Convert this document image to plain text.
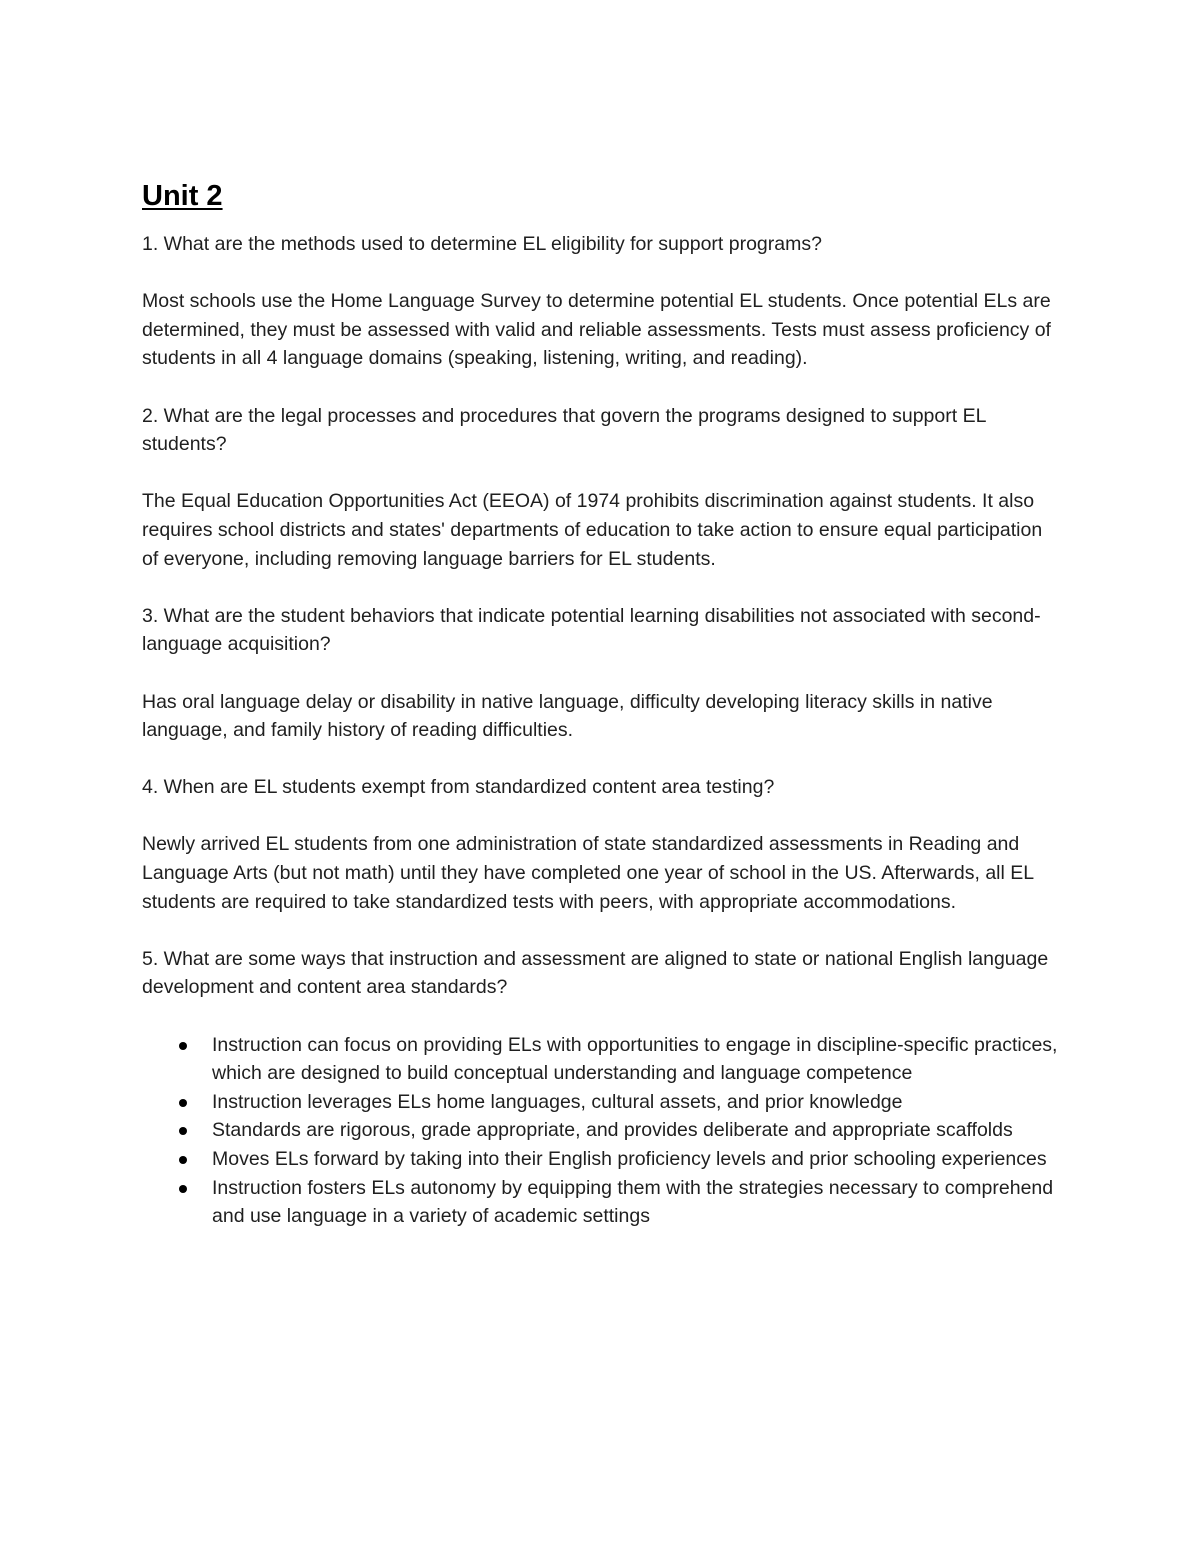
Unit 2

1. What are the methods used to determine EL eligibility for support programs?

Most schools use the Home Language Survey to determine potential EL students. Once potential ELs are determined, they must be assessed with valid and reliable assessments. Tests must assess proficiency of students in all 4 language domains (speaking, listening, writing, and reading).

2. What are the legal processes and procedures that govern the programs designed to support EL students?

The Equal Education Opportunities Act (EEOA) of 1974 prohibits discrimination against students. It also requires school districts and states' departments of education to take action to ensure equal participation of everyone, including removing language barriers for EL students.

3. What are the student behaviors that indicate potential learning disabilities not associated with second-language acquisition?

Has oral language delay or disability in native language, difficulty developing literacy skills in native language, and family history of reading difficulties.

4. When are EL students exempt from standardized content area testing?

Newly arrived EL students from one administration of state standardized assessments in Reading and Language Arts (but not math) until they have completed one year of school in the US. Afterwards, all EL students are required to take standardized tests with peers, with appropriate accommodations.

5. What are some ways that instruction and assessment are aligned to state or national English language development and content area standards?

Instruction can focus on providing ELs with opportunities to engage in discipline-specific practices, which are designed to build conceptual understanding and language competence
Instruction leverages ELs home languages, cultural assets, and prior knowledge
Standards are rigorous, grade appropriate, and provides deliberate and appropriate scaffolds
Moves ELs forward by taking into their English proficiency levels and prior schooling experiences
Instruction fosters ELs autonomy by equipping them with the strategies necessary to comprehend and use language in a variety of academic settings
